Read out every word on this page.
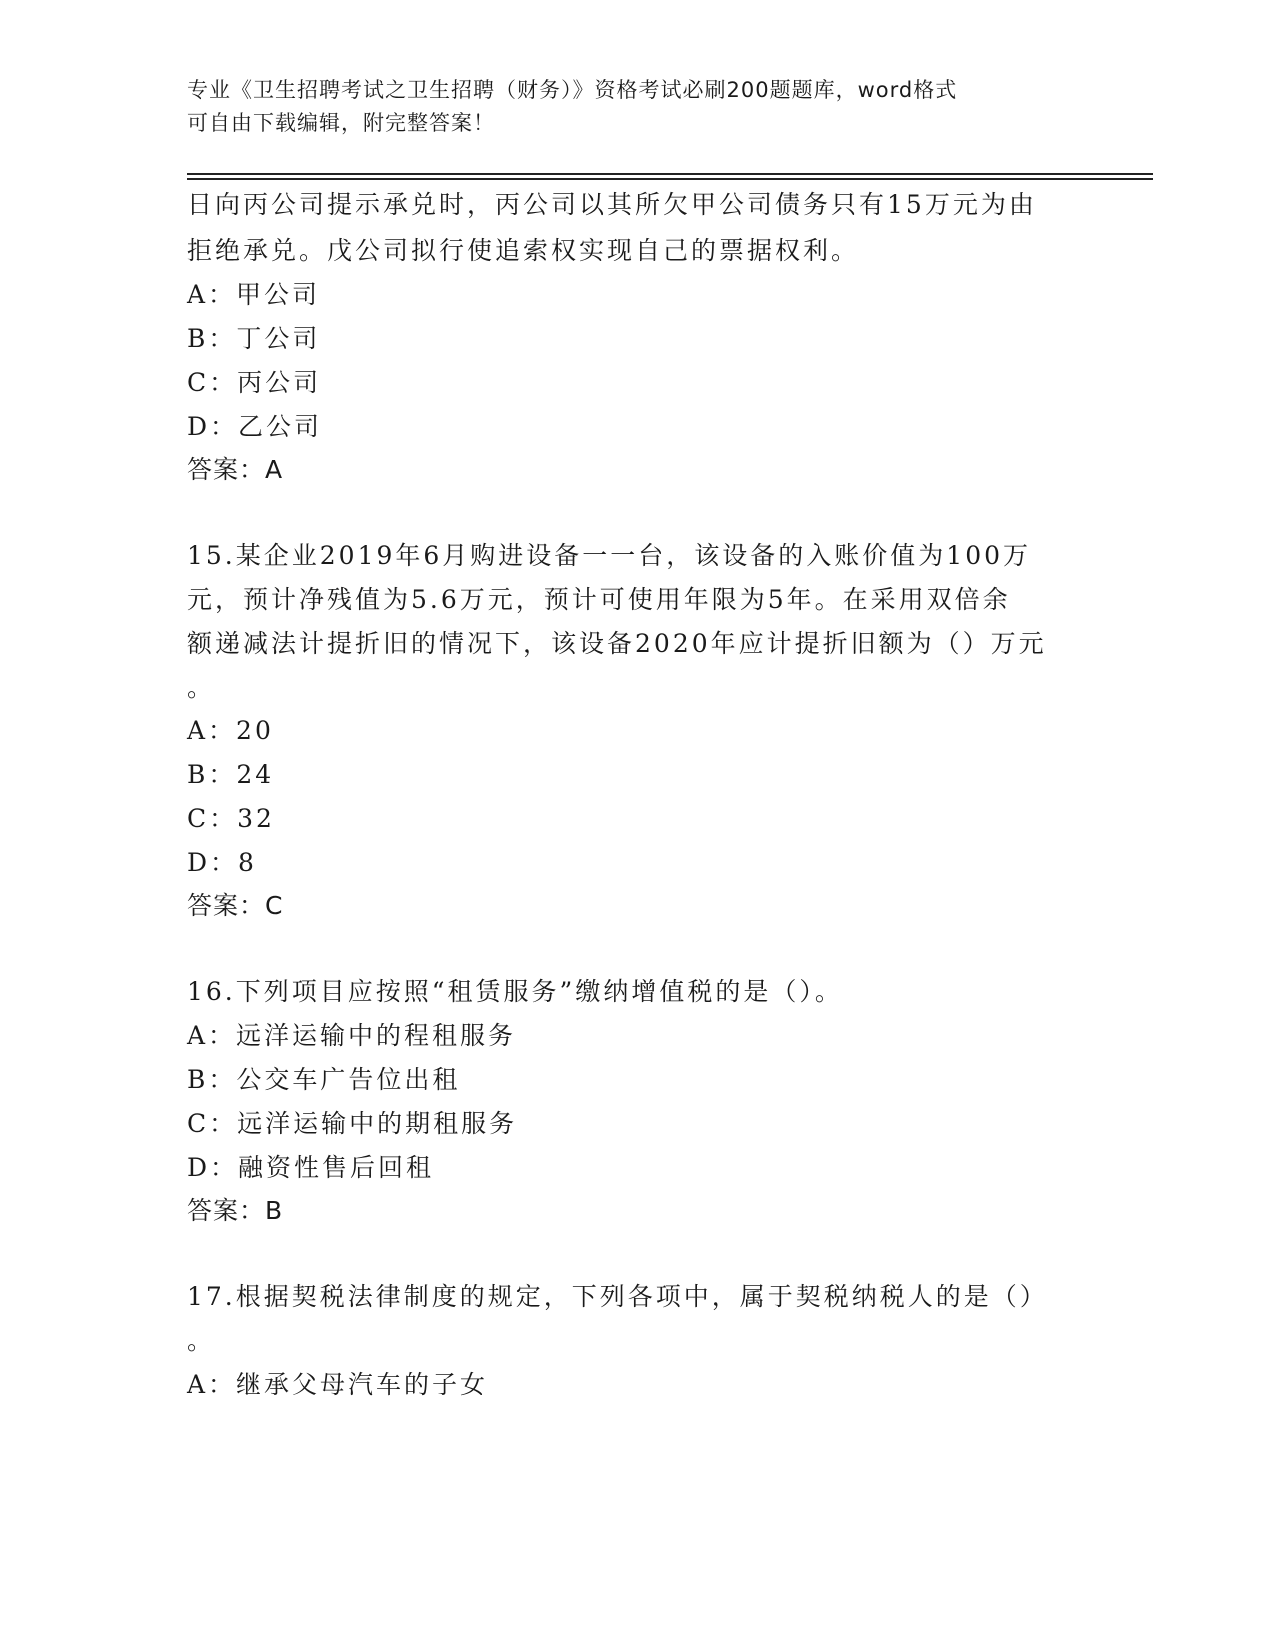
专业《卫生招聘考试之卫生招聘（财务）》资格考试必刷200题题库，word格式
可自由下载编辑，附完整答案！
日向丙公司提示承兑时，丙公司以其所欠甲公司债务只有15万元为由
拒绝承兑。戊公司拟行使追索权实现自己的票据权利。
A：甲公司
B：丁公司
C：丙公司
D：乙公司
答案：A
15.某企业2019年6月购进设备一一台，该设备的入账价值为100万
元，预计净残值为5.6万元，预计可使用年限为5年。在采用双倍余
额递减法计提折旧的情况下，该设备2020年应计提折旧额为（）万元
。
A：20
B：24
C：32
D：8
答案：C
16.下列项目应按照“租赁服务”缴纳增值税的是（）。
A：远洋运输中的程租服务
B：公交车广告位出租
C：远洋运输中的期租服务
D：融资性售后回租
答案：B
17.根据契税法律制度的规定，下列各项中，属于契税纳税人的是（）
。
A：继承父母汽车的子女
